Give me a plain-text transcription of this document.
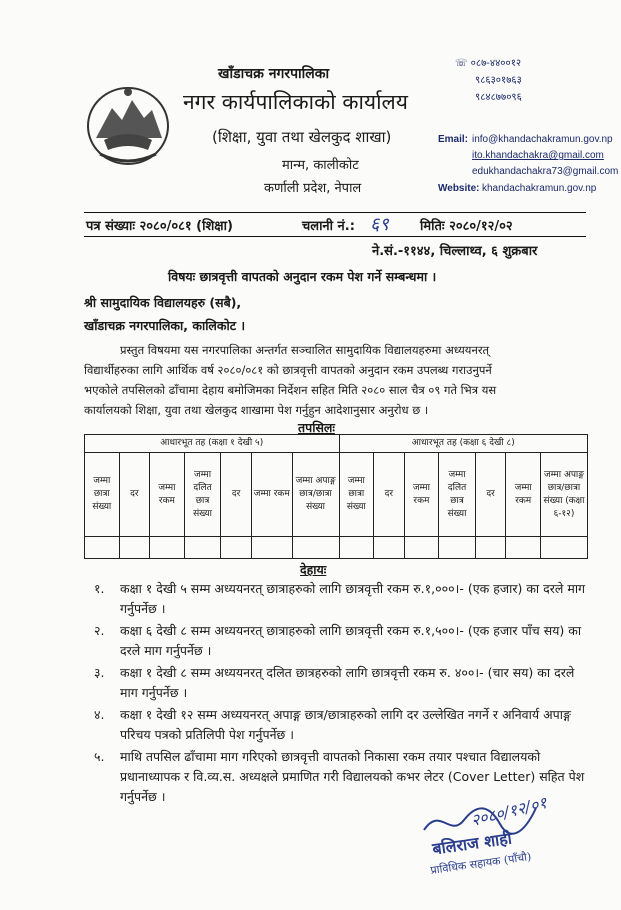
खाँडाचक्र नगरपालिका
नगर कार्यपालिकाको कार्यालय
(शिक्षा, युवा तथा खेलकुद शाखा)
मान्म, कालीकोट
कर्णाली प्रदेश, नेपाल
☏ ०८७-४४००१२
९८६३०१७६३
९८४८७७०९६
Email: info@khandachakramun.gov.np
ito.khandachakra@gmail.com
edukhandachakra73@gmail.com
Website: khandachakramun.gov.np
पत्र संख्याः २०८०/०८१ (शिक्षा)	चलानी नं.: ६९ मितिः २०८०/१२/०२
ने.सं.-११४४, चिल्लाथ्व, ६ शुक्रबार
विषयः छात्रवृत्ती वापतको अनुदान रकम पेश गर्ने सम्बन्धमा ।
श्री सामुदायिक विद्यालयहरु (सबै),
खाँडाचक्र नगरपालिका, कालिकोट ।
प्रस्तुत विषयमा यस नगरपालिका अन्तर्गत सञ्चालित सामुदायिक विद्यालयहरुमा अध्ययनरत्
विद्यार्थीहरुका लागि आर्थिक वर्ष २०८०/०८१ को छात्रवृत्ती वापतको अनुदान रकम उपलब्ध गराउनुपर्ने
भएकोले तपसिलको ढाँचामा देहाय बमोजिमका निर्देशन सहित मिति २०८० साल चैत्र ०९ गते भित्र यस
कार्यालयको शिक्षा, युवा तथा खेलकुद शाखामा पेश गर्नुहुन आदेशानुसार अनुरोध छ ।
तपसिलः
आधारभूत तह (कक्षा १ देखी ५)							आधारभूत तह (कक्षा ६ देखी ८)						
जम्मा छात्रा संख्या	दर	जम्मा रकम	जम्मा दलित छात्र संख्या	दर	जम्मा रकम	जम्मा अपाङ्ग छात्र/छात्रा संख्या	जम्मा छात्रा संख्या	दर	जम्मा रकम	जम्मा दलित छात्र संख्या	दर	जम्मा रकम	जम्मा अपाङ्ग छात्र/छात्रा संख्या (कक्षा ६-१२)

देहायः
१. कक्षा १ देखी ५ सम्म अध्ययनरत् छात्राहरुको लागि छात्रवृत्ती रकम रु.१,०००।- (एक हजार) का दरले माग गर्नुपर्नेछ ।
२. कक्षा ६ देखी ८ सम्म अध्ययनरत् छात्राहरुको लागि छात्रवृत्ती रकम रु.१,५००।- (एक हजार पाँच सय) का दरले माग गर्नुपर्नेछ ।
३. कक्षा १ देखी ८ सम्म अध्ययनरत् दलित छात्रहरुको लागि छात्रवृत्ती रकम रु. ४००।- (चार सय) का दरले माग गर्नुपर्नेछ ।
४. कक्षा १ देखी १२ सम्म अध्ययनरत् अपाङ्ग छात्र/छात्राहरुको लागि दर उल्लेखित नगर्ने र अनिवार्य अपाङ्ग परिचय पत्रको प्रतिलिपी पेश गर्नुपर्नेछ ।
५. माथि तपसिल ढाँचामा माग गरिएको छात्रवृत्ती वापतको निकासा रकम तयार पश्चात विद्यालयको प्रधानाध्यापक र वि.व्य.स. अध्यक्षले प्रमाणित गरी विद्यालयको कभर लेटर (Cover Letter) सहित पेश गर्नुपर्नेछ ।	२०८०/१२/०१
बलिराज शाही
प्राविधिक सहायक (पाँचौ)
